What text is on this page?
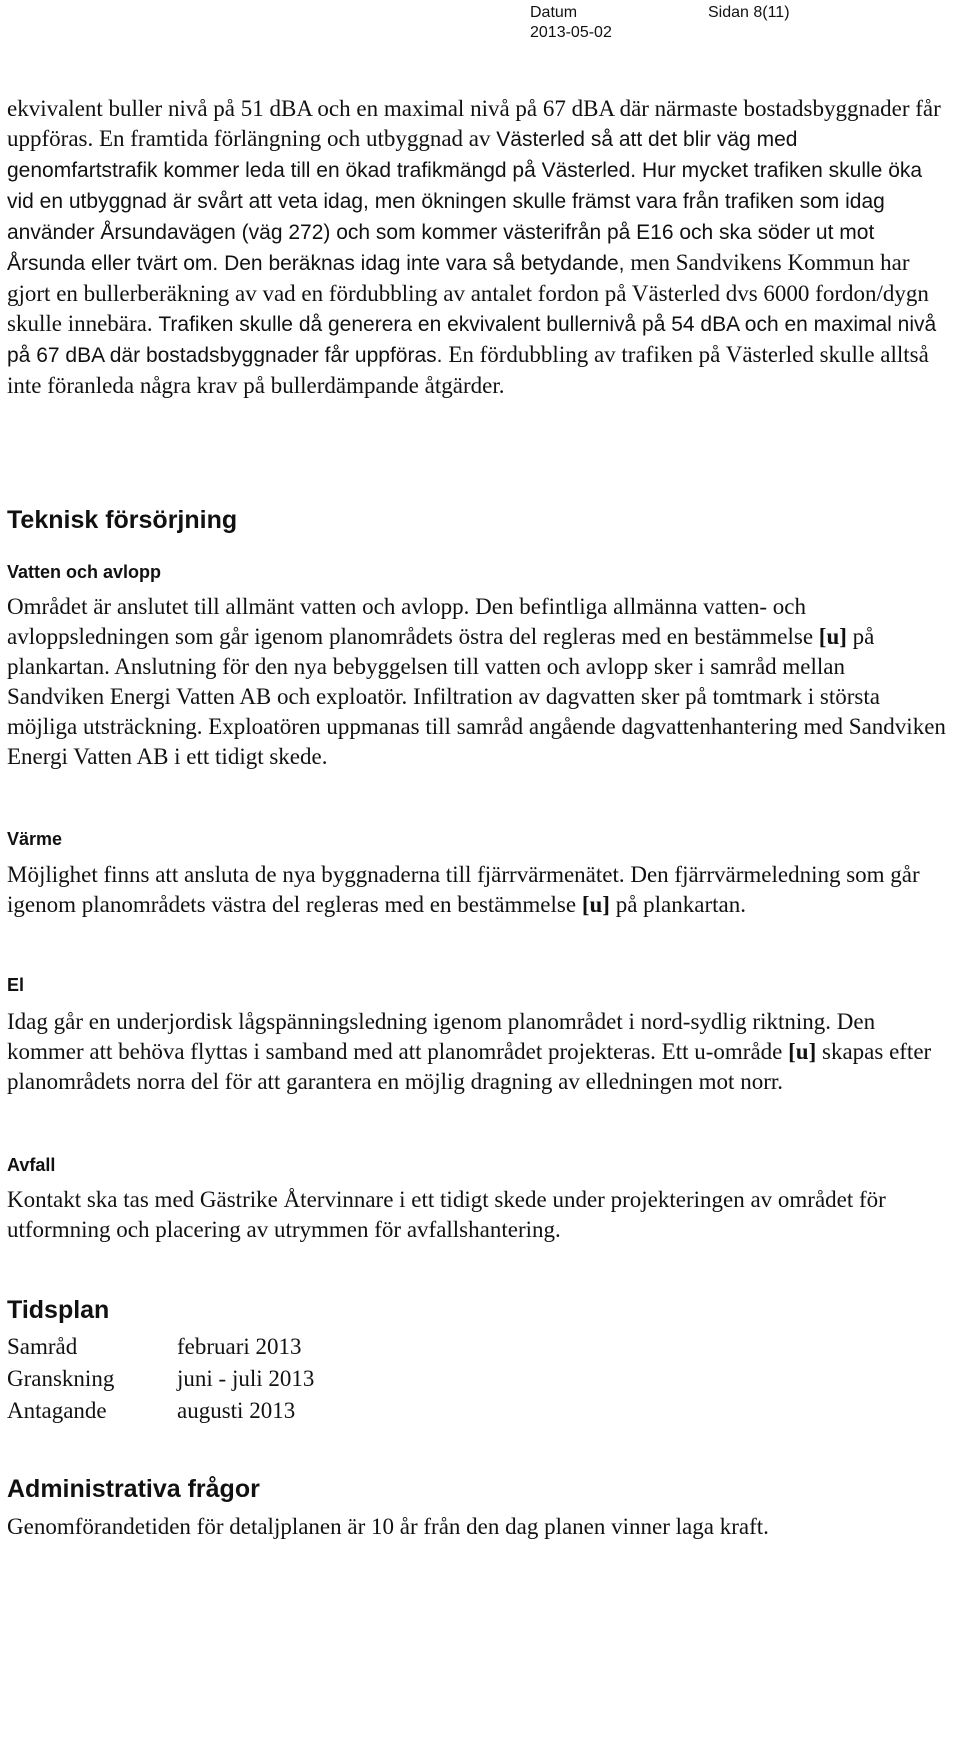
Datum
2013-05-02
Sidan 8(11)

ekvivalent buller nivå på 51 dBA och en maximal nivå på 67 dBA där närmaste bostadsbyggnader får uppföras. En framtida förlängning och utbyggnad av Västerled så att det blir väg med genomfartstrafik kommer leda till en ökad trafikmängd på Västerled. Hur mycket trafiken skulle öka vid en utbyggnad är svårt att veta idag, men ökningen skulle främst vara från trafiken som idag använder Årsundavägen (väg 272) och som kommer västerifrån på E16 och ska söder ut mot Årsunda eller tvärt om. Den beräknas idag inte vara så betydande, men Sandvikens Kommun har gjort en bullerberäkning av vad en fördubbling av antalet fordon på Västerled dvs 6000 fordon/dygn skulle innebära. Trafiken skulle då generera en ekvivalent bullernivå på 54 dBA och en maximal nivå på 67 dBA där bostadsbyggnader får uppföras. En fördubbling av trafiken på Västerled skulle alltså inte föranleda några krav på bullerdämpande åtgärder.

Teknisk försörjning
Vatten och avlopp

Området är anslutet till allmänt vatten och avlopp. Den befintliga allmänna vatten- och avloppsledningen som går igenom planområdets östra del regleras med en bestämmelse [u] på plankartan. Anslutning för den nya bebyggelsen till vatten och avlopp sker i samråd mellan Sandviken Energi Vatten AB och exploatör. Infiltration av dagvatten sker på tomtmark i största möjliga utsträckning. Exploatören uppmanas till samråd angående dagvattenhantering med Sandviken Energi Vatten AB i ett tidigt skede.

Värme

Möjlighet finns att ansluta de nya byggnaderna till fjärrvärmenätet. Den fjärrvärmeledning som går igenom planområdets västra del regleras med en bestämmelse [u] på plankartan.

El

Idag går en underjordisk lågspänningsledning igenom planområdet i nord-sydlig riktning. Den kommer att behöva flyttas i samband med att planområdet projekteras. Ett u-område [u] skapas efter planområdets norra del för att garantera en möjlig dragning av elledningen mot norr.

Avfall

Kontakt ska tas med Gästrike Återvinnare i ett tidigt skede under projekteringen av området för utformning och placering av utrymmen för avfallshantering.

Tidsplan
Samråd	februari 2013
Granskning	juni - juli 2013
Antagande	augusti 2013
Administrativa frågor

Genomförandetiden för detaljplanen är 10 år från den dag planen vinner laga kraft.
